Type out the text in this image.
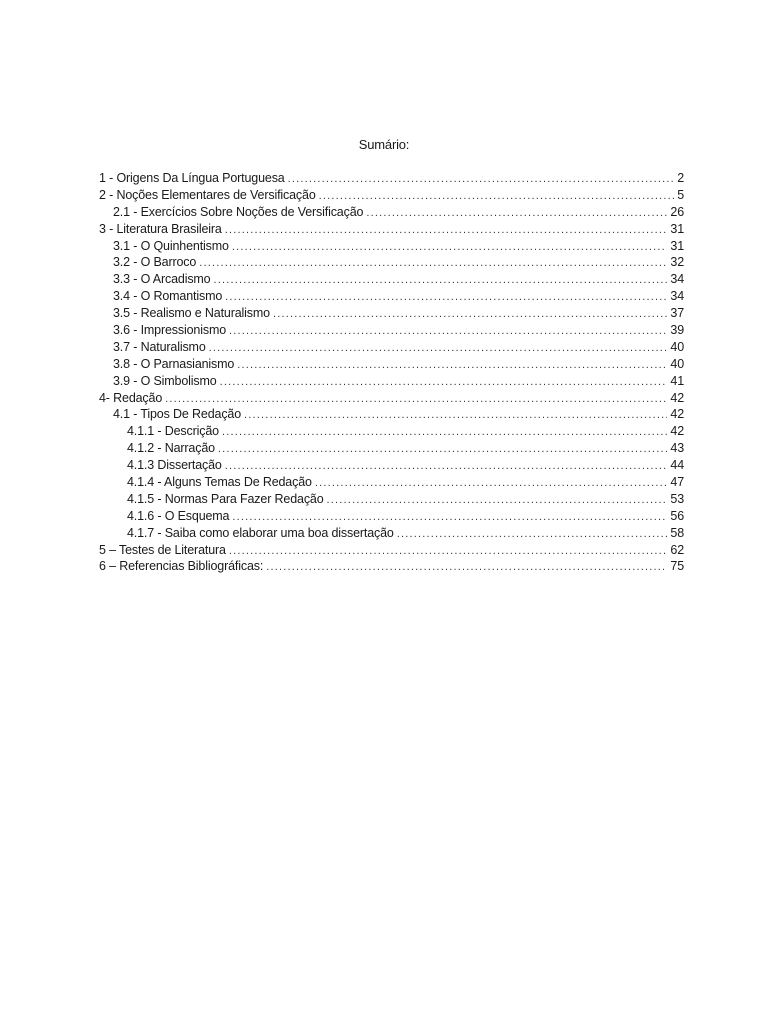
Sumário:
1 - Origens Da Língua Portuguesa .....	2
2 - Noções Elementares de Versificação .....	5
2.1 - Exercícios Sobre Noções de Versificação .....	26
3 - Literatura Brasileira .....	31
3.1 - O Quinhentismo .....	31
3.2 - O Barroco .....	32
3.3 - O Arcadismo .....	34
3.4 - O Romantismo .....	34
3.5 - Realismo e Naturalismo .....	37
3.6 - Impressionismo .....	39
3.7 - Naturalismo .....	40
3.8 - O Parnasianismo .....	40
3.9 - O Simbolismo .....	41
4- Redação .....	42
4.1 - Tipos De Redação .....	42
4.1.1 - Descrição .....	42
4.1.2 - Narração .....	43
4.1.3 Dissertação .....	44
4.1.4 - Alguns Temas De Redação .....	47
4.1.5 - Normas Para Fazer Redação .....	53
4.1.6 - O Esquema .....	56
4.1.7 - Saiba como elaborar uma boa dissertação .....	58
5 – Testes de Literatura .....	62
6 – Referencias Bibliográficas: .....	75
